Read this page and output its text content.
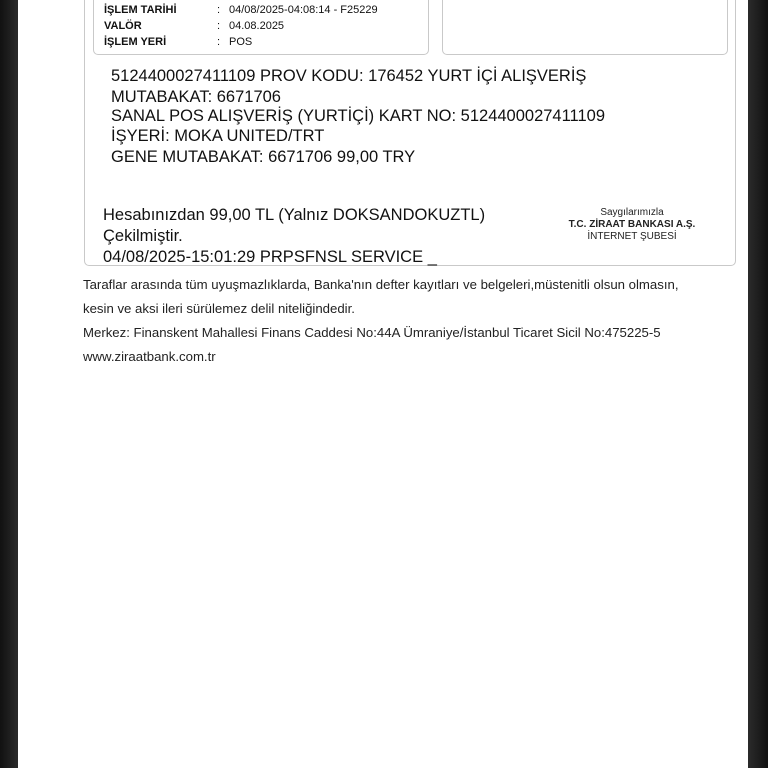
İŞLEM TARİHİ	: 04/08/2025-04:08:14 - F25229
VALÖR	: 04.08.2025
İŞLEM YERİ	: POS
5124400027411109 PROV KODU: 176452 YURT İÇİ ALIŞVERİŞ
MUTABAKAT: 6671706
SANAL POS ALIŞVERİŞ (YURTİÇİ) KART NO: 5124400027411109
İŞYERİ: MOKA UNITED/TRT
GENE MUTABAKAT: 6671706 99,00 TRY
Hesabınızdan 99,00 TL (Yalnız DOKSANDOKUZTL)
Çekilmiştir.
04/08/2025-15:01:29 PRPSFNSL SERVICE _
Saygılarımızla
T.C. ZİRAAT BANKASI A.Ş.
İNTERNET ŞUBESİ
Taraflar arasında tüm uyuşmazlıklarda, Banka'nın defter kayıtları ve belgeleri,müstenitli olsun olmasın,
kesin ve aksi ileri sürülemez delil niteliğindedir.
Merkez: Finanskent Mahallesi Finans Caddesi No:44A Ümraniye/İstanbul Ticaret Sicil No:475225-5
www.ziraatbank.com.tr
